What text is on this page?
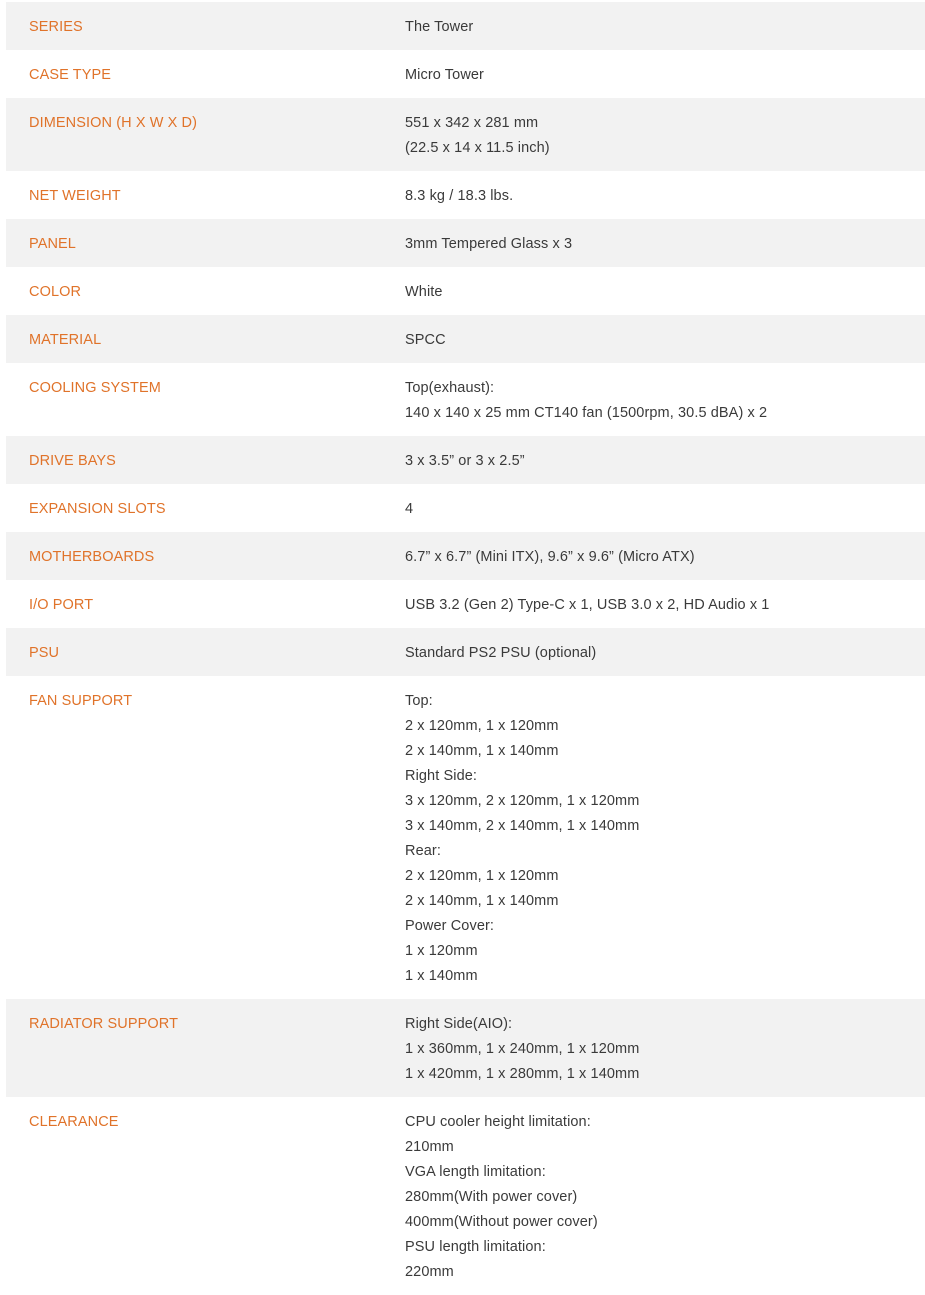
SERIES	The Tower
CASE TYPE	Micro Tower
DIMENSION (H X W X D)	551 x 342 x 281 mm
(22.5 x 14 x 11.5 inch)
NET WEIGHT	8.3 kg / 18.3 lbs.
PANEL	3mm Tempered Glass x 3
COLOR	White
MATERIAL	SPCC
COOLING SYSTEM	Top(exhaust):
140 x 140 x 25 mm CT140 fan (1500rpm, 30.5 dBA) x 2
DRIVE BAYS	3 x 3.5” or 3 x 2.5”
EXPANSION SLOTS	4
MOTHERBOARDS	6.7” x 6.7” (Mini ITX), 9.6” x 9.6” (Micro ATX)
I/O PORT	USB 3.2 (Gen 2) Type-C x 1, USB 3.0 x 2, HD Audio x 1
PSU	Standard PS2 PSU (optional)
FAN SUPPORT	Top:
2 x 120mm, 1 x 120mm
2 x 140mm, 1 x 140mm
Right Side:
3 x 120mm, 2 x 120mm, 1 x 120mm
3 x 140mm, 2 x 140mm, 1 x 140mm
Rear:
2 x 120mm, 1 x 120mm
2 x 140mm, 1 x 140mm
Power Cover:
1 x 120mm
1 x 140mm
RADIATOR SUPPORT	Right Side(AIO):
1 x 360mm, 1 x 240mm, 1 x 120mm
1 x 420mm, 1 x 280mm, 1 x 140mm
CLEARANCE	CPU cooler height limitation:
210mm
VGA length limitation:
280mm(With power cover)
400mm(Without power cover)
PSU length limitation:
220mm
